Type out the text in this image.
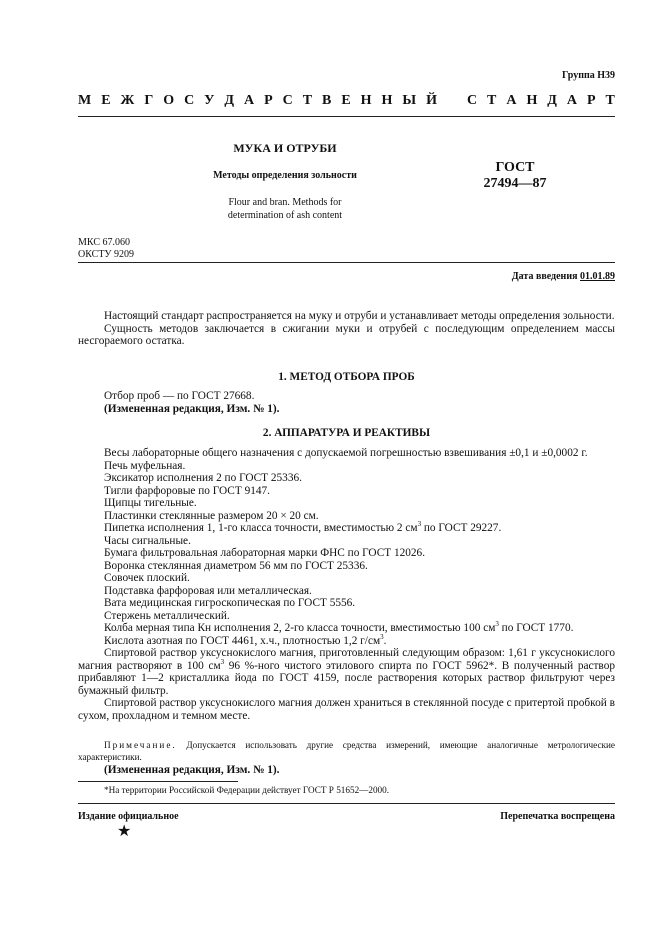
Группа Н39
М Е Ж Г О С У Д А Р С Т В Е Н Н Ы Й С Т А Н Д А Р Т
МУКА И ОТРУБИ
Методы определения зольности
Flour and bran. Methods for
determination of ash content
ГОСТ
27494—87
МКС 67.060
ОКСТУ 9209
Дата введения 01.01.89

Настоящий стандарт распространяется на муку и отруби и устанавливает методы определения зольности.

Сущность методов заключается в сжигании муки и отрубей с последующим определением массы несгораемого остатка.

1. МЕТОД ОТБОРА ПРОБ
Отбор проб — по ГОСТ 27668.
(Измененная редакция, Изм. № 1).
2. АППАРАТУРА И РЕАКТИВЫ

Весы лабораторные общего назначения с допускаемой погрешностью взвешивания ±0,1 и ±0,0002 г.

Печь муфельная.
Эксикатор исполнения 2 по ГОСТ 25336.
Тигли фарфоровые по ГОСТ 9147.
Щипцы тигельные.
Пластинки стеклянные размером 20 × 20 см.

Пипетка исполнения 1, 1-го класса точности, вместимостью 2 $см^3$ по ГОСТ 29227.

Часы сигнальные.
Бумага фильтровальная лабораторная марки ФНС по ГОСТ 12026.
Воронка стеклянная диаметром 56 мм по ГОСТ 25336.
Совочек плоский.
Подставка фарфоровая или металлическая.
Вата медицинская гигроскопическая по ГОСТ 5556.
Стержень металлический.

Колба мерная типа Кн исполнения 2, 2-го класса точности, вместимостью 100 $см^3$ по ГОСТ 1770.

Кислота азотная по ГОСТ 4461, х.ч., плотностью 1,2 $г/см^3$.

Спиртовой раствор уксуснокислого магния, приготовленный следующим образом: 1,61 г уксуснокислого магния растворяют в 100 $см^3$ 96 %-ного чистого этилового спирта по ГОСТ 5962*. В полученный раствор прибавляют 1—2 кристаллика йода по ГОСТ 4159, после растворения которых раствор фильтруют через бумажный фильтр.

Спиртовой раствор уксуснокислого магния должен храниться в стеклянной посуде с притертой пробкой в сухом, прохладном и темном месте.

Примечание. Допускается использовать другие средства измерений, имеющие аналогичные метрологические характеристики.
(Измененная редакция, Изм. № 1).
*На территории Российской Федерации действует ГОСТ Р 51652—2000.
Издание официальное	Перепечатка воспрещена
★
